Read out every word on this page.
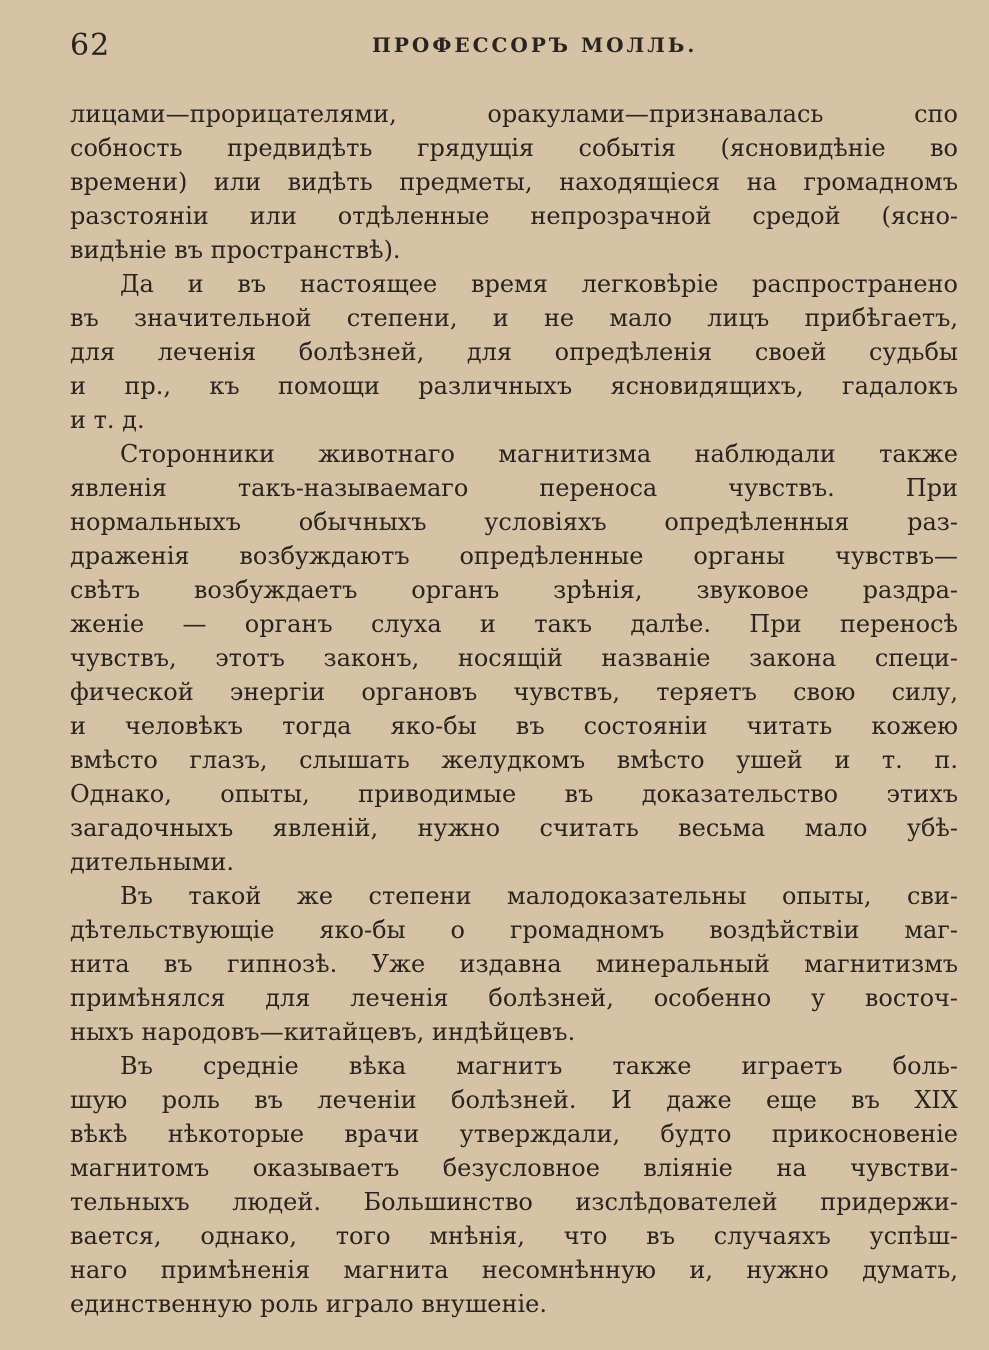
62	ПРОФЕССОРЪ МОЛЛЬ.
лицами—прорицателями, оракулами—признавалась спо
собность предвидѣть грядущія событія (ясновидѣніе во
времени) или видѣть предметы, находящіеся на громадномъ
разстояніи или отдѣленные непрозрачной средой (ясно-
видѣніе въ пространствѣ).
Да и въ настоящее время легковѣріе распространено
въ значительной степени, и не мало лицъ прибѣгаетъ,
для леченія болѣзней, для опредѣленія своей судьбы
и пр., къ помощи различныхъ ясновидящихъ, гадалокъ
и т. д.
Сторонники животнаго магнитизма наблюдали также
явленія такъ-называемаго переноса чувствъ. При
нормальныхъ обычныхъ условіяхъ опредѣленныя раз-
драженія возбуждаютъ опредѣленные органы чувствъ—
свѣтъ возбуждаетъ органъ зрѣнія, звуковое раздра-
женіе — органъ слуха и такъ далѣе. При переносѣ
чувствъ, этотъ законъ, носящій названіе закона специ-
фической энергіи органовъ чувствъ, теряетъ свою силу,
и человѣкъ тогда яко-бы въ состояніи читать кожею
вмѣсто глазъ, слышать желудкомъ вмѣсто ушей и т. п.
Однако, опыты, приводимые въ доказательство этихъ
загадочныхъ явленій, нужно считать весьма мало убѣ-
дительными.
Въ такой же степени малодоказательны опыты, сви-
дѣтельствующіе яко-бы о громадномъ воздѣйствіи маг-
нита въ гипнозѣ. Уже издавна минеральный магнитизмъ
примѣнялся для леченія болѣзней, особенно у восточ-
ныхъ народовъ—китайцевъ, индѣйцевъ.
Въ средніе вѣка магнитъ также играетъ боль-
шую роль въ леченіи болѣзней. И даже еще въ XIX
вѣкѣ нѣкоторые врачи утверждали, будто прикосновеніе
магнитомъ оказываетъ безусловное вліяніе на чувстви-
тельныхъ людей. Большинство изслѣдователей придержи-
вается, однако, того мнѣнія, что въ случаяхъ успѣш-
наго примѣненія магнита несомнѣнную и, нужно думать,
единственную роль играло внушеніе.
